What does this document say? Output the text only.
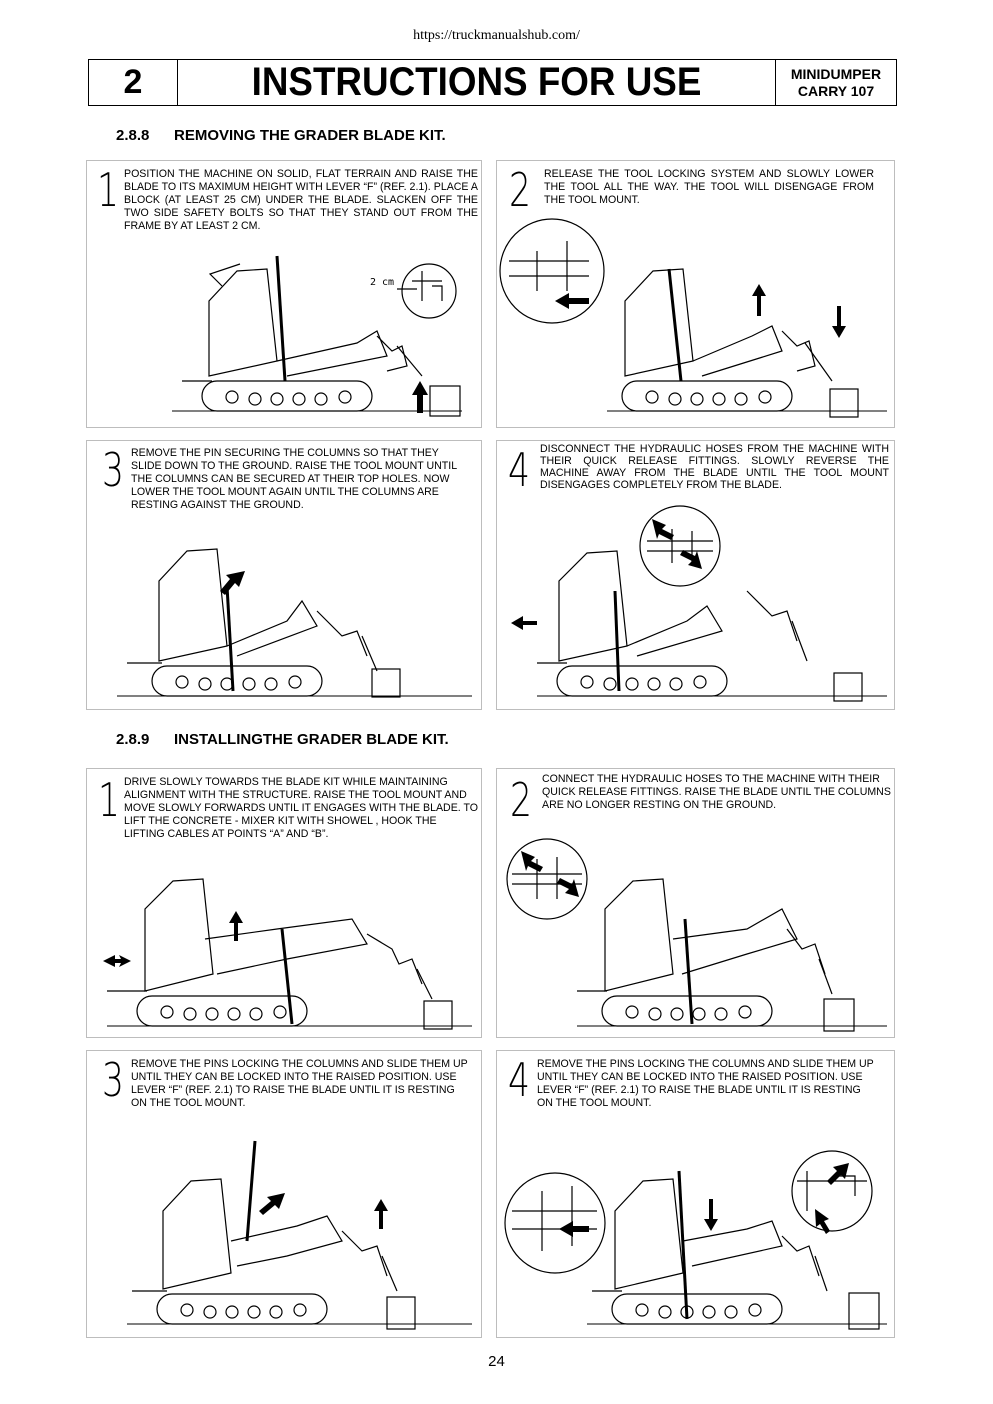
https://truckmanualshub.com/
2	INSTRUCTIONS FOR USE	MINIDUMPER
CARRY 107
2.8.8 REMOVING THE GRADER BLADE KIT.
1 POSITION THE MACHINE ON SOLID, FLAT TERRAIN AND RAISE THE BLADE TO ITS MAXIMUM HEIGHT WITH LEVER “F” (REF. 2.1). PLACE A BLOCK (AT LEAST 25 CM) UNDER THE BLADE. SLACKEN OFF THE TWO SIDE SAFETY BOLTS SO THAT THEY STAND OUT FROM THE FRAME BY AT LEAST 2 CM.
2 cm
2 RELEASE THE TOOL LOCKING SYSTEM AND SLOWLY LOWER THE TOOL ALL THE WAY. THE TOOL WILL DISENGAGE FROM THE TOOL MOUNT.
3 REMOVE THE PIN SECURING THE COLUMNS SO THAT THEY SLIDE DOWN TO THE GROUND. RAISE THE TOOL MOUNT UNTIL THE COLUMNS CAN BE SECURED AT THEIR TOP HOLES. NOW LOWER THE TOOL MOUNT AGAIN UNTIL THE COLUMNS ARE RESTING AGAINST THE GROUND.
4 DISCONNECT THE HYDRAULIC HOSES FROM THE MACHINE WITH THEIR QUICK RELEASE FITTINGS. SLOWLY REVERSE THE MACHINE AWAY FROM THE BLADE UNTIL THE TOOL MOUNT DISENGAGES COMPLETELY FROM THE BLADE.
2.8.9 INSTALLINGTHE GRADER BLADE KIT.
1 DRIVE SLOWLY TOWARDS THE BLADE KIT WHILE MAINTAINING ALIGNMENT WITH THE STRUCTURE. RAISE THE TOOL MOUNT AND MOVE SLOWLY FORWARDS UNTIL IT ENGAGES WITH THE BLADE. TO LIFT THE CONCRETE - MIXER KIT WITH SHOWEL , HOOK THE LIFTING CABLES AT POINTS “A” AND “B”.
2 CONNECT THE HYDRAULIC HOSES TO THE MACHINE WITH THEIR QUICK RELEASE FITTINGS. RAISE THE BLADE UNTIL THE COLUMNS ARE NO LONGER RESTING ON THE GROUND.
3 REMOVE THE PINS LOCKING THE COLUMNS AND SLIDE THEM UP UNTIL THEY CAN BE LOCKED INTO THE RAISED POSITION. USE LEVER “F” (REF. 2.1) TO RAISE THE BLADE UNTIL IT IS RESTING ON THE TOOL MOUNT.	4 REMOVE THE PINS LOCKING THE COLUMNS AND SLIDE THEM UP UNTIL THEY CAN BE LOCKED INTO THE RAISED POSITION. USE LEVER “F” (REF. 2.1) TO RAISE THE BLADE UNTIL IT IS RESTING ON THE TOOL MOUNT.
24
